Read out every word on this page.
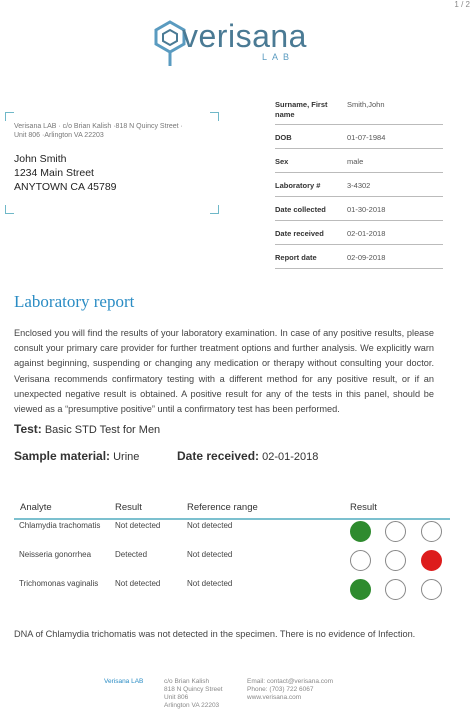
1 / 2
verisana
LAB
Verisana LAB · c/o Brian Kalish ·818 N Quincy Street ·
Unit 806 ·Arlington VA 22203
John Smith
1234 Main Street
ANYTOWN CA 45789
Surname, First name
Smith,John
DOB	01-07-1984
Sex	male
Laboratory #	3-4302
Date collected	01-30-2018
Date received	02-01-2018
Report date	02-09-2018
Laboratory report
Enclosed you will find the results of your laboratory examination. In case of any positive results, please consult your primary care provider for further treatment options and further analysis. We explicitly warn against beginning, suspending or changing any medication or therapy without consulting your doctor. Verisana recommends confirmatory testing with a different method for any positive result, or if an unexpected negative result is obtained. A positive result for any of the tests in this panel, should be viewed as a “presumptive positive” until a confirmatory test has been performed.
Test: Basic STD Test for Men
Sample material: Urine	Date received: 02-01-2018
Analyte	Result	Reference range	Result
Chlamydia trachomatis Not detected	Not detected
Neisseria gonorrhea	Detected	Not detected
Trichomonas vaginalis Not detected	Not detected
DNA of Chlamydia trichomatis was not detected in the specimen. There is no evidence of Infection.
Verisana LAB	c/o Brian Kalish
818 N Quincy Street
Unit 806
Arlington VA 22203
Email: contact@verisana.com
Phone: (703) 722 6067
www.verisana.com
